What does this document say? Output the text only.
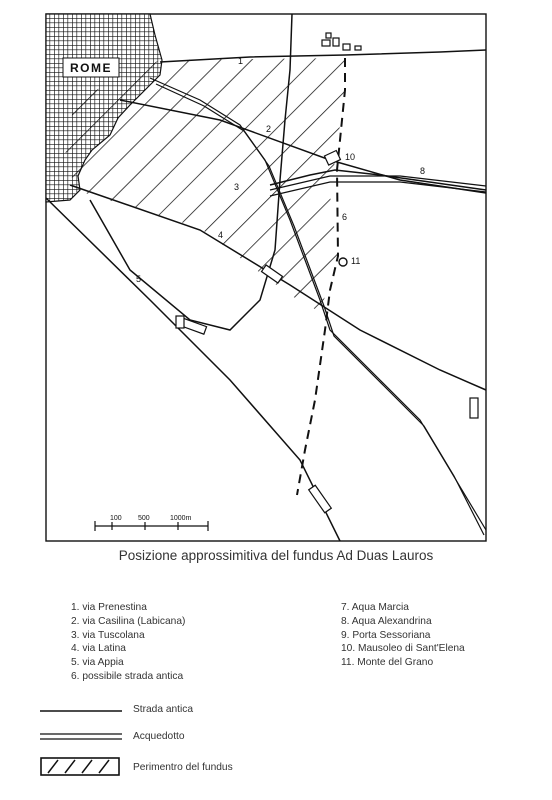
ROME	1
2
3
4
5
6
8
10
11
100 500	1000m
Posizione approssimitiva del fundus Ad Duas Lauros
1. via Prenestina
2. via Casilina (Labicana)
3. via Tuscolana
4. via Latina
5. via Appia
6. possibile strada antica
7. Aqua Marcia
8. Aqua Alexandrina
9. Porta Sessoriana
10. Mausoleo di Sant'Elena
11. Monte del Grano
Strada antica
Acquedotto
Perimentro del fundus
